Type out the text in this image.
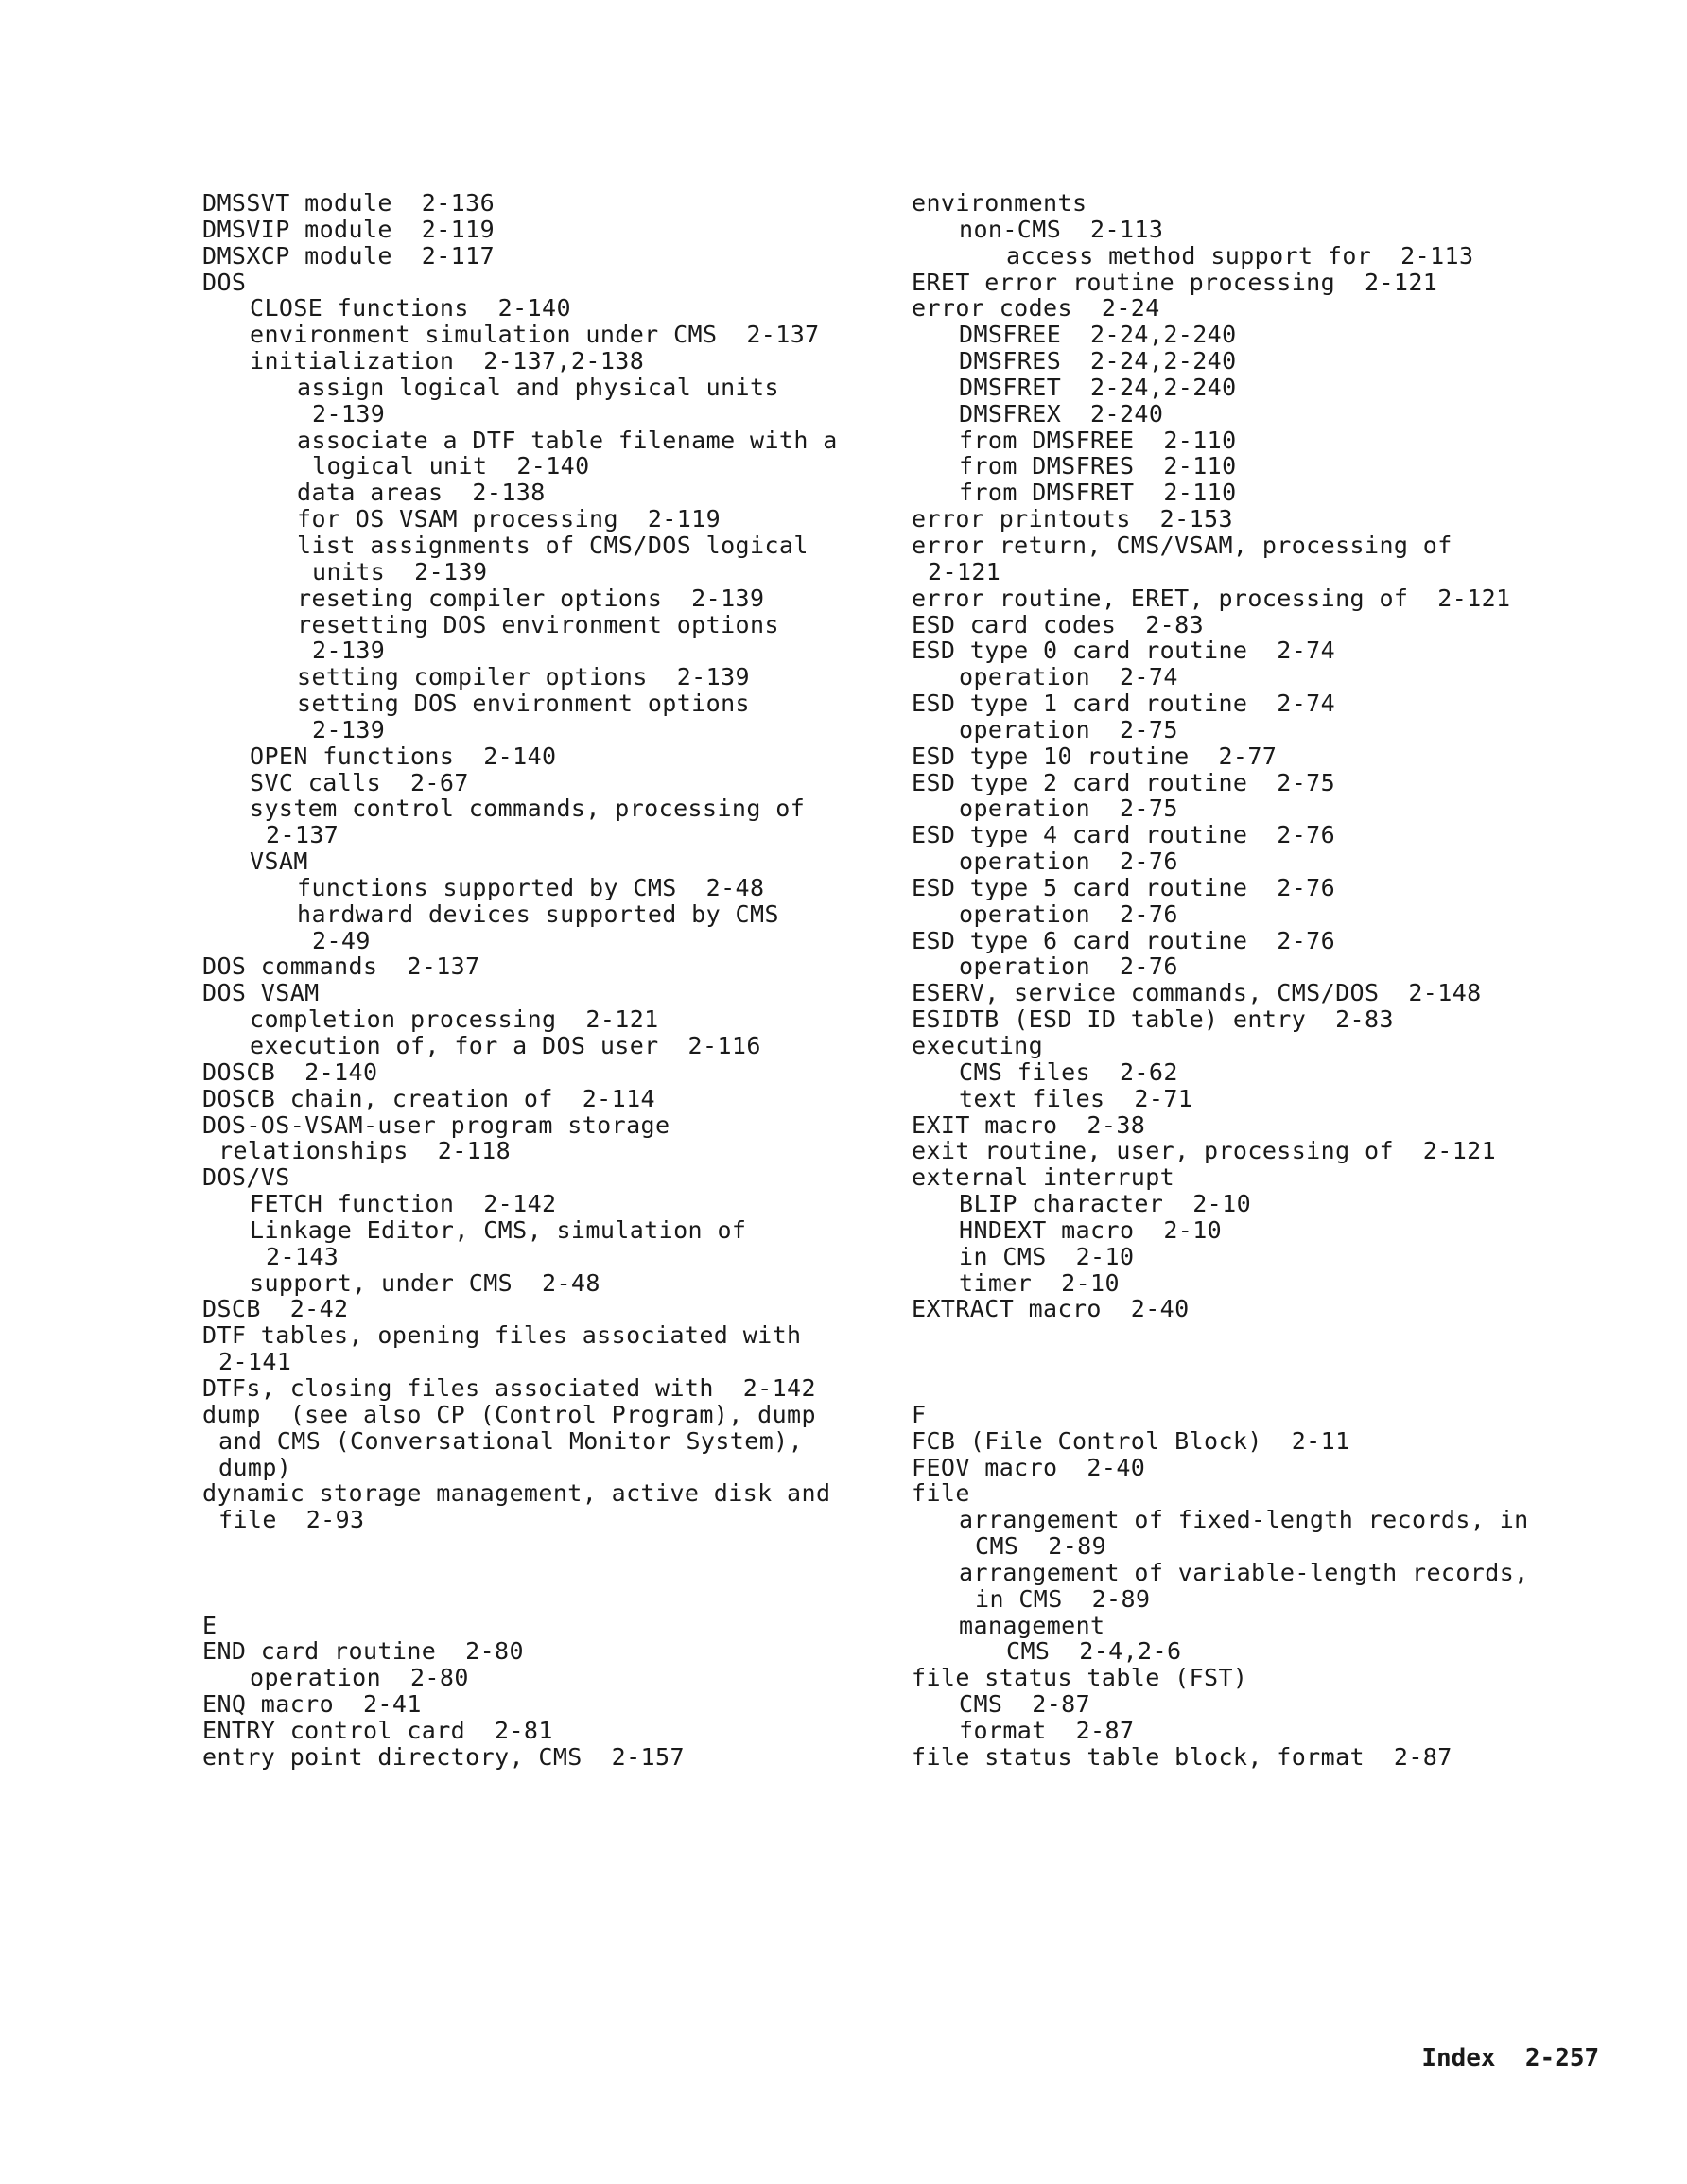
DMSSVT module  2-136
DMSVIP module  2-119
DMSXCP module  2-117
DOS
CLOSE functions  2-140
environment simulation under CMS  2-137
initialization  2-137,2-138
assign logical and physical units
2-139
associate a DTF table filename with a
logical unit  2-140
data areas  2-138
for OS VSAM processing  2-119
list assignments of CMS/DOS logical
units  2-139
reseting compiler options  2-139
resetting DOS environment options
2-139
setting compiler options  2-139
setting DOS environment options
2-139
OPEN functions  2-140
SVC calls  2-67
system control commands, processing of
2-137
VSAM
functions supported by CMS  2-48
hardward devices supported by CMS
2-49
DOS commands  2-137
DOS VSAM
completion processing  2-121
execution of, for a DOS user  2-116
DOSCB  2-140
DOSCB chain, creation of  2-114
DOS-OS-VSAM-user program storage
relationships  2-118
DOS/VS
FETCH function  2-142
Linkage Editor, CMS, simulation of
2-143
support, under CMS  2-48
DSCB  2-42
DTF tables, opening files associated with
2-141
DTFs, closing files associated with  2-142
dump  (see also CP (Control Program), dump
and CMS (Conversational Monitor System),
dump)
dynamic storage management, active disk and
file  2-93
E
END card routine  2-80
operation  2-80
ENQ macro  2-41
ENTRY control card  2-81
entry point directory, CMS  2-157
environments
non-CMS  2-113
access method support for  2-113
ERET error routine processing  2-121
error codes  2-24
DMSFREE  2-24,2-240
DMSFRES  2-24,2-240
DMSFRET  2-24,2-240
DMSFREX  2-240
from DMSFREE  2-110
from DMSFRES  2-110
from DMSFRET  2-110
error printouts  2-153
error return, CMS/VSAM, processing of
2-121
error routine, ERET, processing of  2-121
ESD card codes  2-83
ESD type 0 card routine  2-74
operation  2-74
ESD type 1 card routine  2-74
operation  2-75
ESD type 10 routine  2-77
ESD type 2 card routine  2-75
operation  2-75
ESD type 4 card routine  2-76
operation  2-76
ESD type 5 card routine  2-76
operation  2-76
ESD type 6 card routine  2-76
operation  2-76
ESERV, service commands, CMS/DOS  2-148
ESIDTB (ESD ID table) entry  2-83
executing
CMS files  2-62
text files  2-71
EXIT macro  2-38
exit routine, user, processing of  2-121
external interrupt
BLIP character  2-10
HNDEXT macro  2-10
in CMS  2-10
timer  2-10
EXTRACT macro  2-40
F
FCB (File Control Block)  2-11
FEOV macro  2-40
file
arrangement of fixed-length records, in
CMS  2-89
arrangement of variable-length records,
in CMS  2-89
management
CMS  2-4,2-6
file status table (FST)
CMS  2-87
format  2-87
file status table block, format  2-87

Index  2-257
